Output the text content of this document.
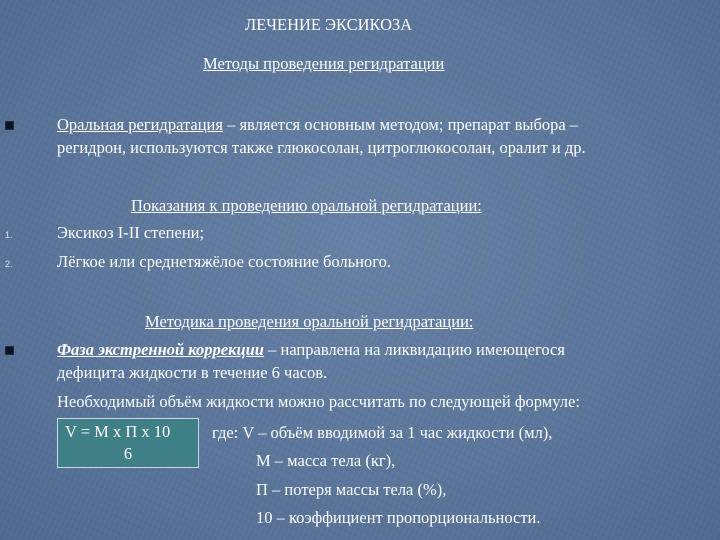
ЛЕЧЕНИЕ ЭКСИКОЗА
Методы проведения регидратации
Оральная регидратация – является основным методом; препарат выбора –
регидрон, используются также глюкосолан, цитроглюкосолан, оралит и др.
Показания к проведению оральной регидратации:
1.	Эксикоз I-II степени;
2.	Лёгкое или среднетяжёлое состояние больного.
Методика проведения оральной регидратации:
Фаза экстренной коррекции – направлена на ликвидацию имеющегося
дефицита жидкости в течение 6 часов.
Необходимый объём жидкости можно рассчитать по следующей формуле:
V = M x П x 10
6
где: V – объём вводимой за 1 час жидкости (мл),
М – масса тела (кг),
П – потеря массы тела (%),
10 – коэффициент пропорциональности.
